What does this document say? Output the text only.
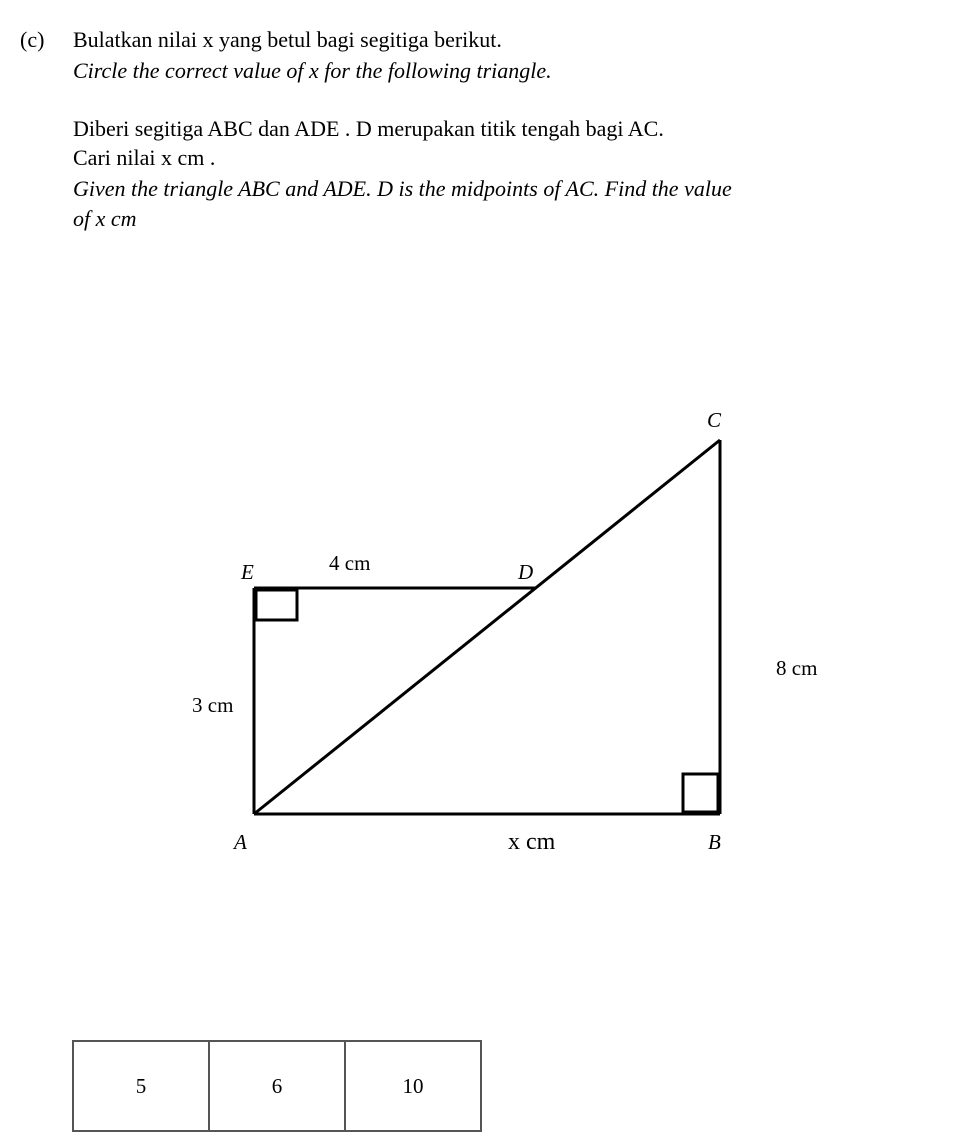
(c) Bulatkan nilai x yang betul bagi segitiga berikut.
Circle the correct value of x for the following triangle.
Diberi segitiga ABC dan ADE . D merupakan titik tengah bagi AC.
Cari nilai x cm .
Given the triangle ABC and ADE. D is the midpoints of AC. Find the value
of x cm
C
E	D
A	B
4 cm
3 cm
8 cm
x cm
5	6	10
